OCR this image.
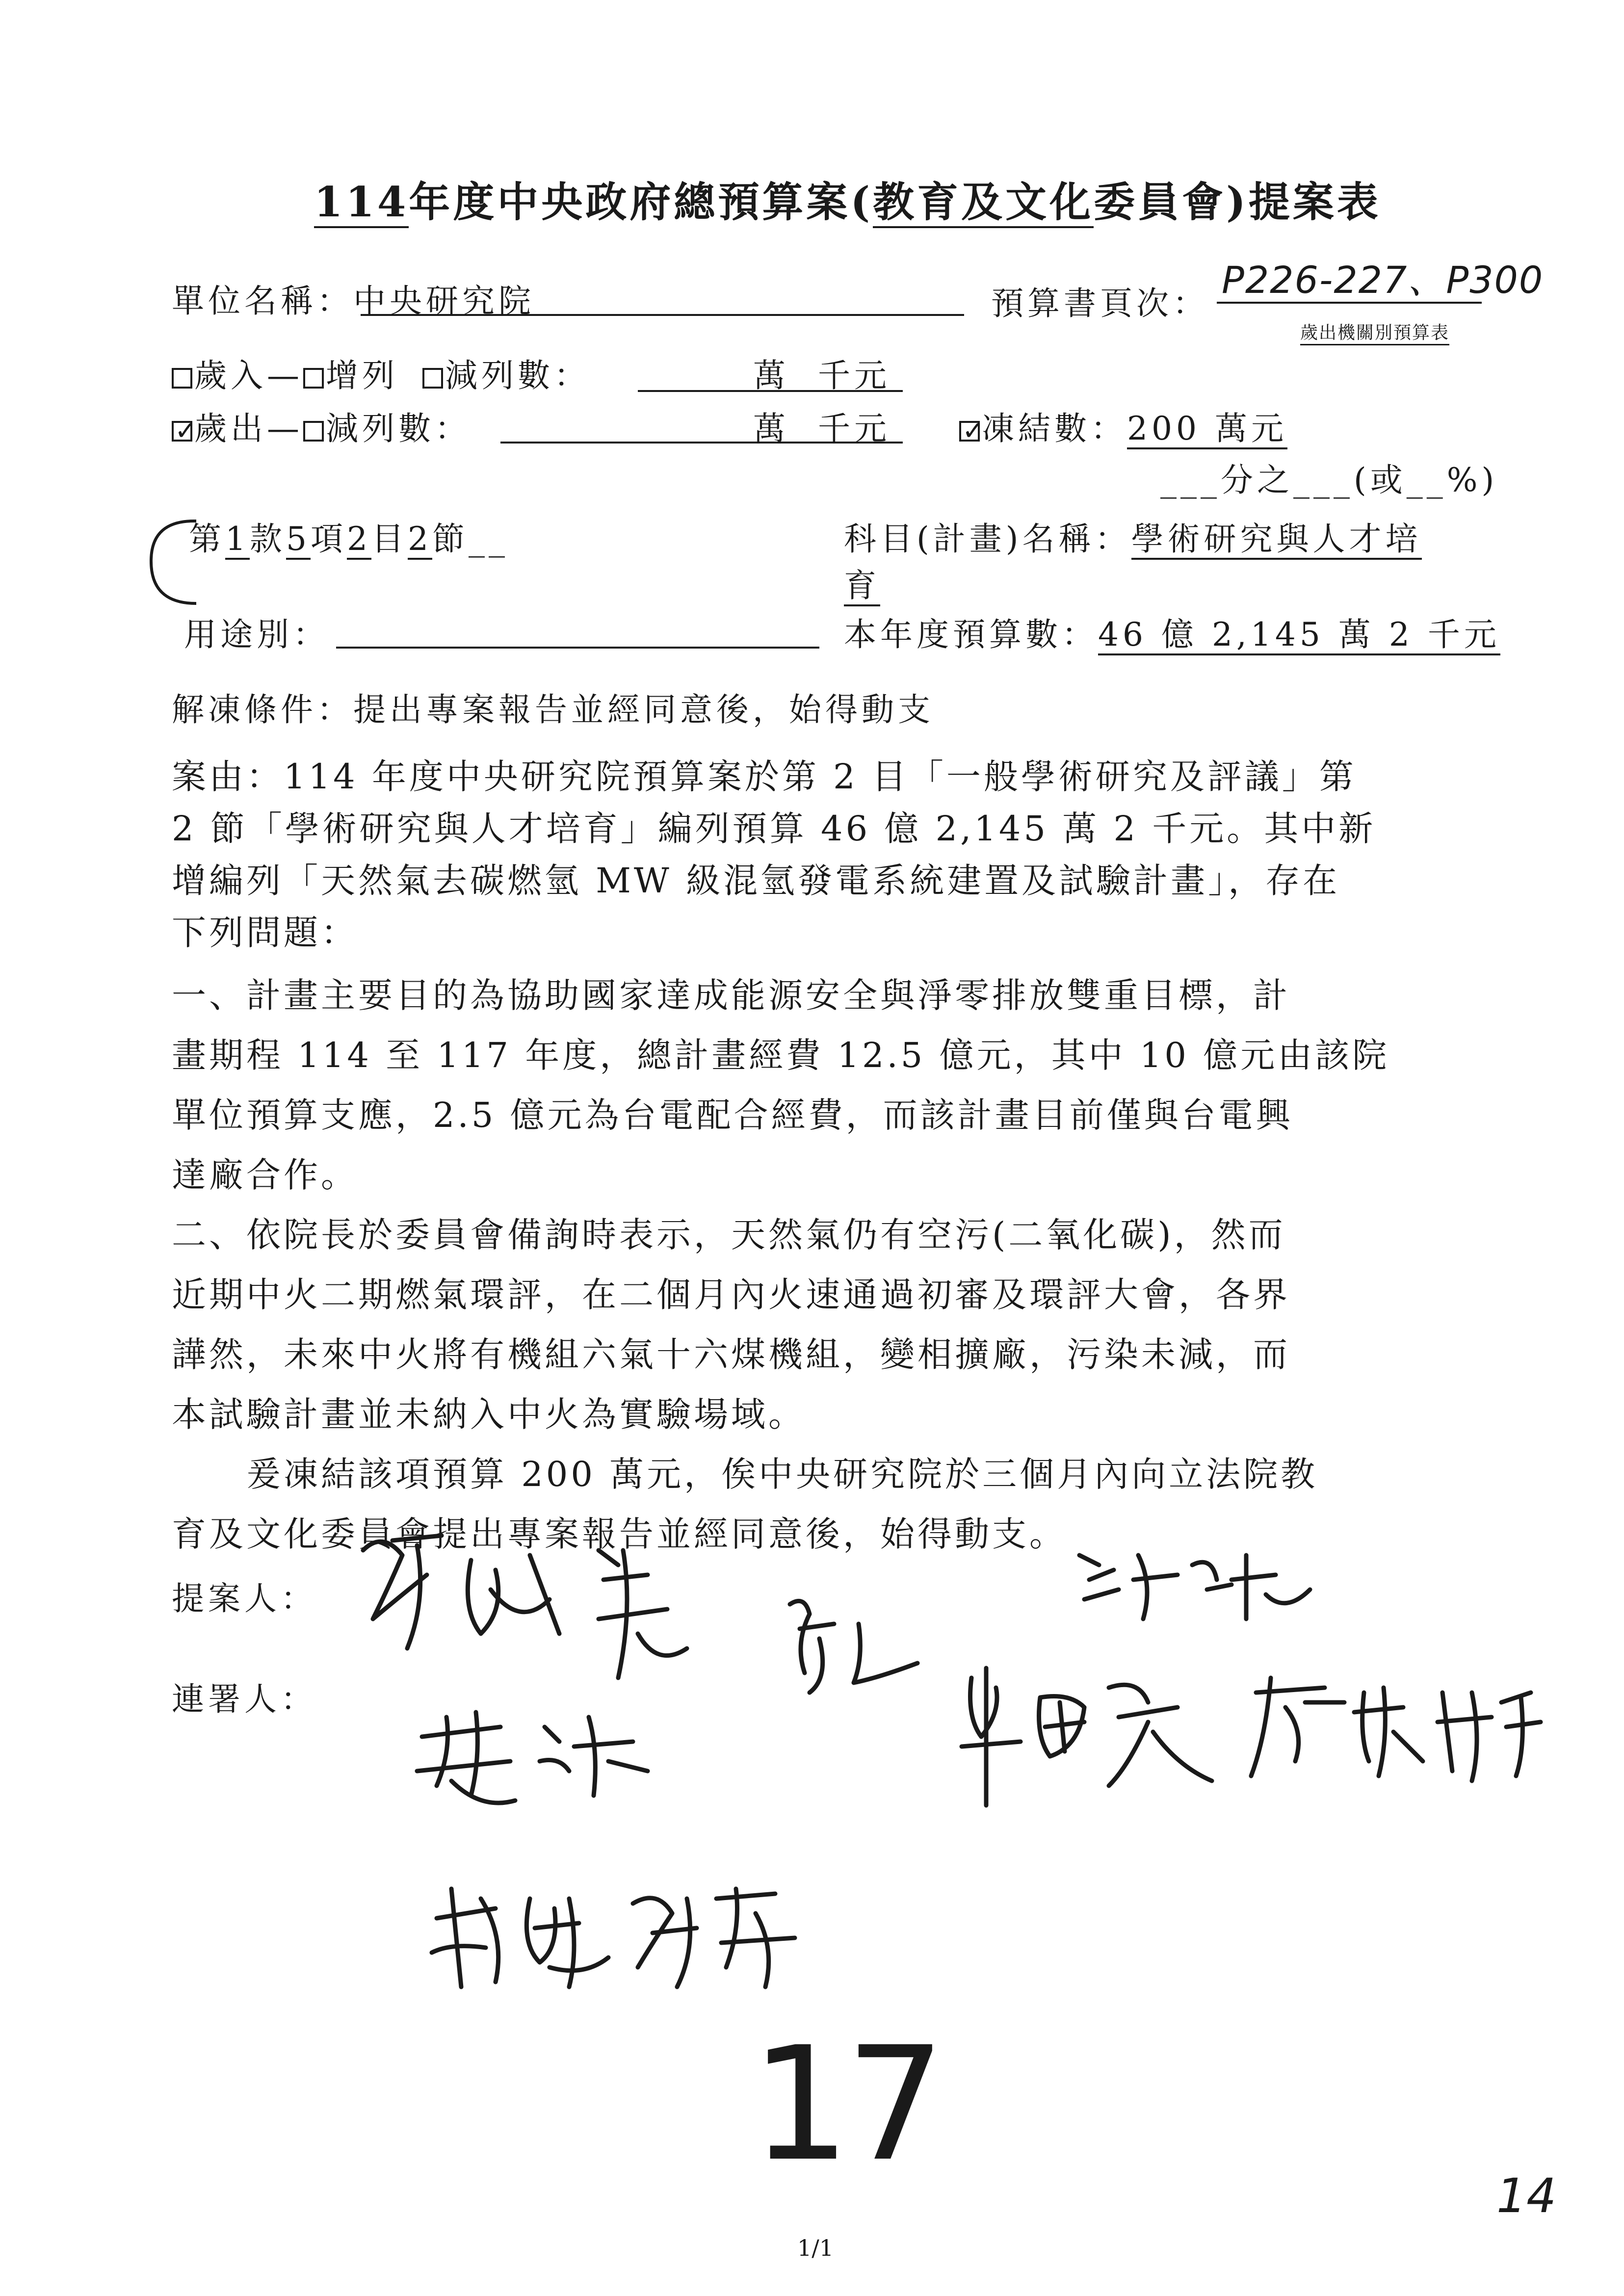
114年度中央政府總預算案(教育及文化委員會)提案表
單位名稱：中央研究院	預算書頁次：
P226-227、P300
歲出機關別預算表
歲入— 增列 減列數：	萬  千元
✓歲出— 減列數：	萬  千元
✓	凍結數：200 萬元
___分之___(或__%)
第1款5項2目2節__	科目(計畫)名稱：學術研究與人才培
育
用途別：	本年度預算數：46 億 2,145 萬 2 千元
解凍條件：提出專案報告並經同意後，始得動支
案由：114 年度中央研究院預算案於第 2 目「一般學術研究及評議」第
2 節「學術研究與人才培育」編列預算 46 億 2,145 萬 2 千元。其中新
增編列「天然氣去碳燃氫 MW 級混氫發電系統建置及試驗計畫」，存在
下列問題：
一、計畫主要目的為協助國家達成能源安全與淨零排放雙重目標，計
畫期程 114 至 117 年度，總計畫經費 12.5 億元，其中 10 億元由該院
單位預算支應，2.5 億元為台電配合經費，而該計畫目前僅與台電興
達廠合作。
二、依院長於委員會備詢時表示，天然氣仍有空污(二氧化碳)，然而
近期中火二期燃氣環評，在二個月內火速通過初審及環評大會，各界
譁然，未來中火將有機組六氣十六煤機組，變相擴廠，污染未減，而
本試驗計畫並未納入中火為實驗場域。
　　爰凍結該項預算 200 萬元，俟中央研究院於三個月內向立法院教
育及文化委員會提出專案報告並經同意後，始得動支。
提案人：
連署人：
17	14
1/1
